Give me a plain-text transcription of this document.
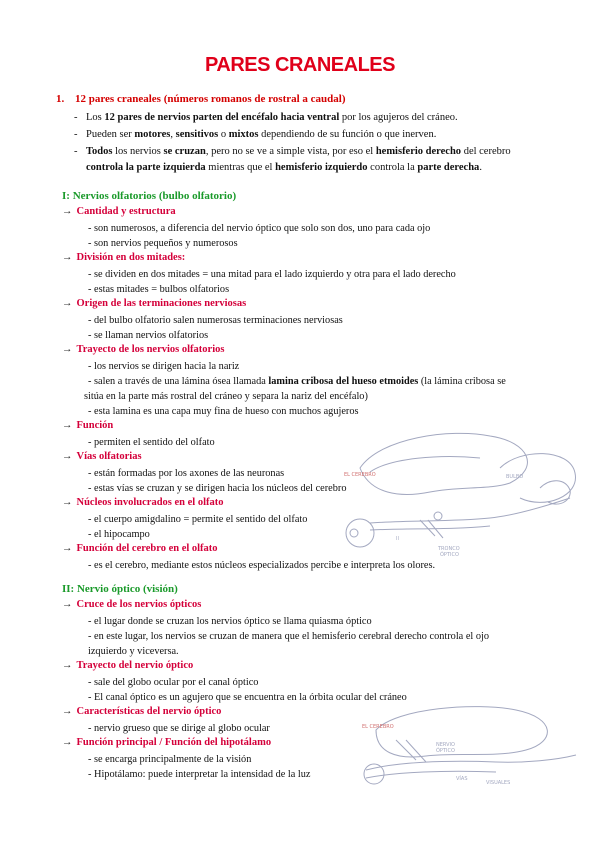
PARES CRANEALES
1. 12 pares craneales (números romanos de rostral a caudal)
- Los 12 pares de nervios parten del encéfalo hacia ventral por los agujeros del cráneo.
- Pueden ser motores, sensitivos o mixtos dependiendo de su función o que inerven.
- Todos los nervios se cruzan, pero no se ve a simple vista, por eso el hemisferio derecho del cerebro controla la parte izquierda mientras que el hemisferio izquierdo controla la parte derecha.
I: Nervios olfatorios (bulbo olfatorio)
→ Cantidad y estructura
- son numerosos, a diferencia del nervio óptico que solo son dos, uno para cada ojo
- son nervios pequeños y numerosos
→ División en dos mitades:
- se dividen en dos mitades = una mitad para el lado izquierdo y otra para el lado derecho
- estas mitades = bulbos olfatorios
→ Origen de las terminaciones nerviosas
- del bulbo olfatorio salen numerosas terminaciones nerviosas
- se llaman nervios olfatorios
→ Trayecto de los nervios olfatorios
- los nervios se dirigen hacia la nariz
- salen a través de una lámina ósea llamada lamina cribosa del hueso etmoides (la lámina cribosa se
sitúa en la parte más rostral del cráneo y separa la nariz del encéfalo)
- esta lamina es una capa muy fina de hueso con muchos agujeros
→ Función
- permiten el sentido del olfato
→ Vías olfatorias
- están formadas por los axones de las neuronas
- estas vías se cruzan y se dirigen hacia los núcleos del cerebro
→ Núcleos involucrados en el olfato
- el cuerpo amigdalino = permite el sentido del olfato
- el hipocampo
→ Función del cerebro en el olfato
- es el cerebro, mediante estos núcleos especializados percibe e interpreta los olores.
II: Nervio óptico (visión)
→ Cruce de los nervios ópticos
- el lugar donde se cruzan los nervios óptico se llama quiasma óptico
- en este lugar, los nervios se cruzan de manera que el hemisferio cerebral derecho controla el ojo
izquierdo y viceversa.
→ Trayecto del nervio óptico
- sale del globo ocular por el canal óptico
- El canal óptico es un agujero que se encuentra en la órbita ocular del cráneo
→ Características del nervio óptico
- nervio grueso que se dirige al globo ocular
→ Función principal / Función del hipotálamo
- se encarga principalmente de la visión
- Hipotálamo: puede interpretar la intensidad de la luz
II
TRONCO
ÓPTICO
BULBO
EL CEREBRO
NERVIO
ÓPTICO
VÍAS
VISUALES
EL CEREBRO
